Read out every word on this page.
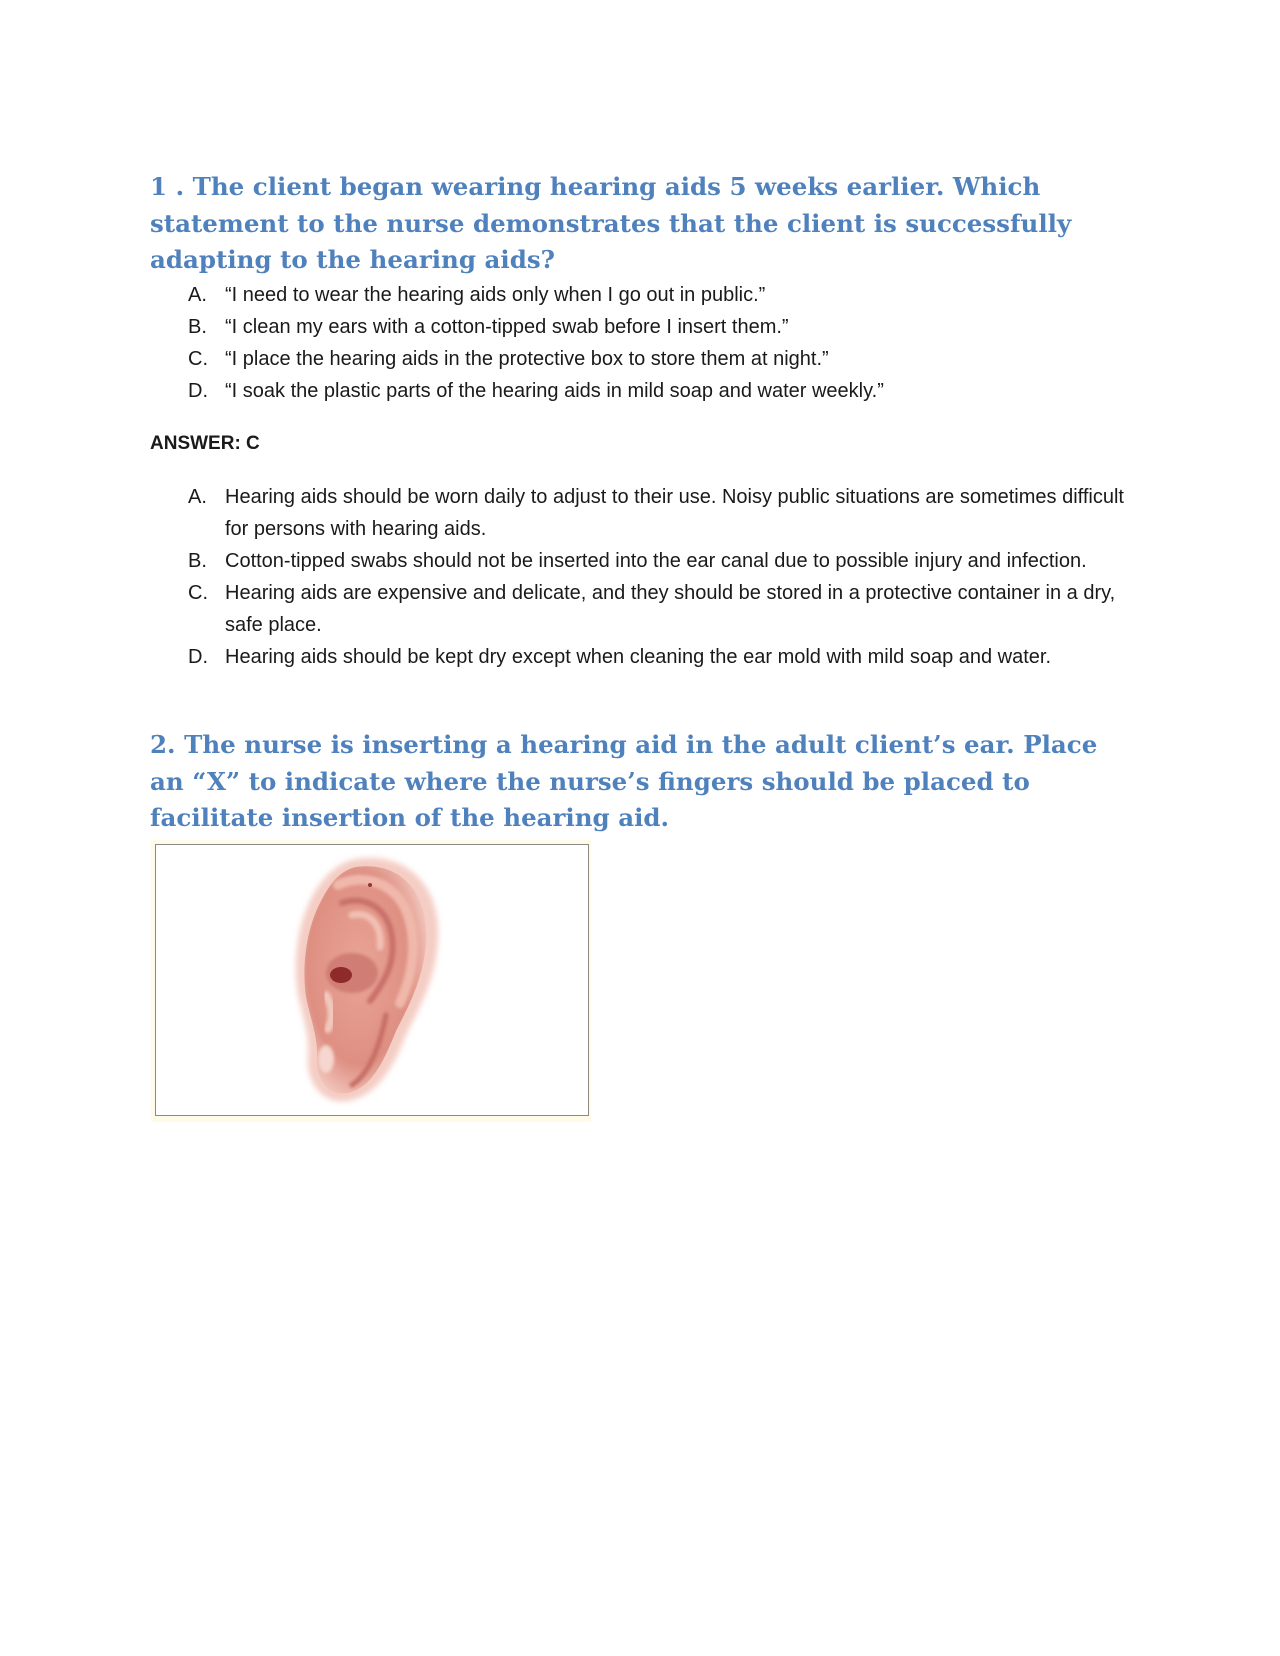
1 . The client began wearing hearing aids 5 weeks earlier. Which statement to the nurse demonstrates that the client is successfully adapting to the hearing aids?

A. “I need to wear the hearing aids only when I go out in public.”
B. “I clean my ears with a cotton-tipped swab before I insert them.”
C. “I place the hearing aids in the protective box to store them at night.”
D. “I soak the plastic parts of the hearing aids in mild soap and water weekly.”

ANSWER: C

A. Hearing aids should be worn daily to adjust to their use. Noisy public situations are sometimes difficult for persons with hearing aids.
B. Cotton-tipped swabs should not be inserted into the ear canal due to possible injury and infection.
C. Hearing aids are expensive and delicate, and they should be stored in a protective container in a dry, safe place.
D. Hearing aids should be kept dry except when cleaning the ear mold with mild soap and water.

2. The nurse is inserting a hearing aid in the adult client’s ear. Place an “X” to indicate where the nurse’s fingers should be placed to facilitate insertion of the hearing aid.
